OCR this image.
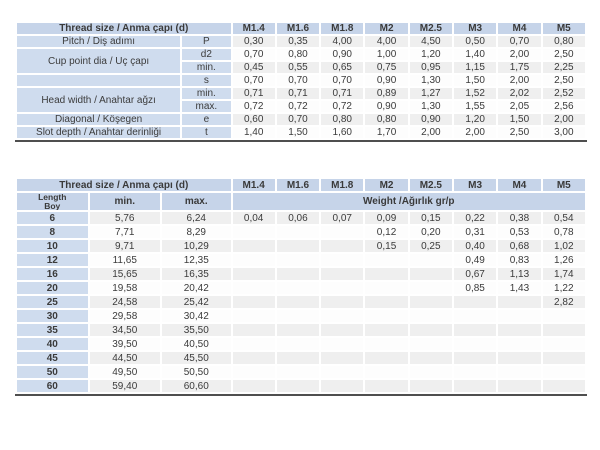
Thread size / Anma çapı (d)		M1.4	M1.6	M1.8	M2	M2.5	M3	M4	M5
Pitch / Diş adımı	P	0,30	0,35	4,00	4,00	4,50	0,50	0,70	0,80
Cup point dia / Uç çapı	d2	0,70	0,80	0,90	1,00	1,20	1,40	2,00	2,50
	min.	0,45	0,55	0,65	0,75	0,95	1,15	1,75	2,25
	s	0,70	0,70	0,70	0,90	1,30	1,50	2,00	2,50
Head width / Anahtar ağzı	min.	0,71	0,71	0,71	0,89	1,27	1,52	2,02	2,52
	max.	0,72	0,72	0,72	0,90	1,30	1,55	2,05	2,56
Diagonal / Köşegen	e	0,60	0,70	0,80	0,80	0,90	1,20	1,50	2,00
Slot depth / Anahtar derinliği	t	1,40	1,50	1,60	1,70	2,00	2,00	2,50	3,00
Thread size / Anma çapı (d)			M1.4	M1.6	M1.8	M2	M2.5	M3	M4	M5

Length
Boy	min.	max.	Weight /Ağırlık gr/p							
6	5,76	6,24	0,04	0,06	0,07	0,09	0,15	0,22	0,38	0,54
8	7,71	8,29				0,12	0,20	0,31	0,53	0,78
10	9,71	10,29				0,15	0,25	0,40	0,68	1,02
12	11,65	12,35						0,49	0,83	1,26
16	15,65	16,35						0,67	1,13	1,74
20	19,58	20,42						0,85	1,43	1,22
25	24,58	25,42								2,82
30	29,58	30,42								
35	34,50	35,50								
40	39,50	40,50								
45	44,50	45,50								
50	49,50	50,50								
60	59,40	60,60								
